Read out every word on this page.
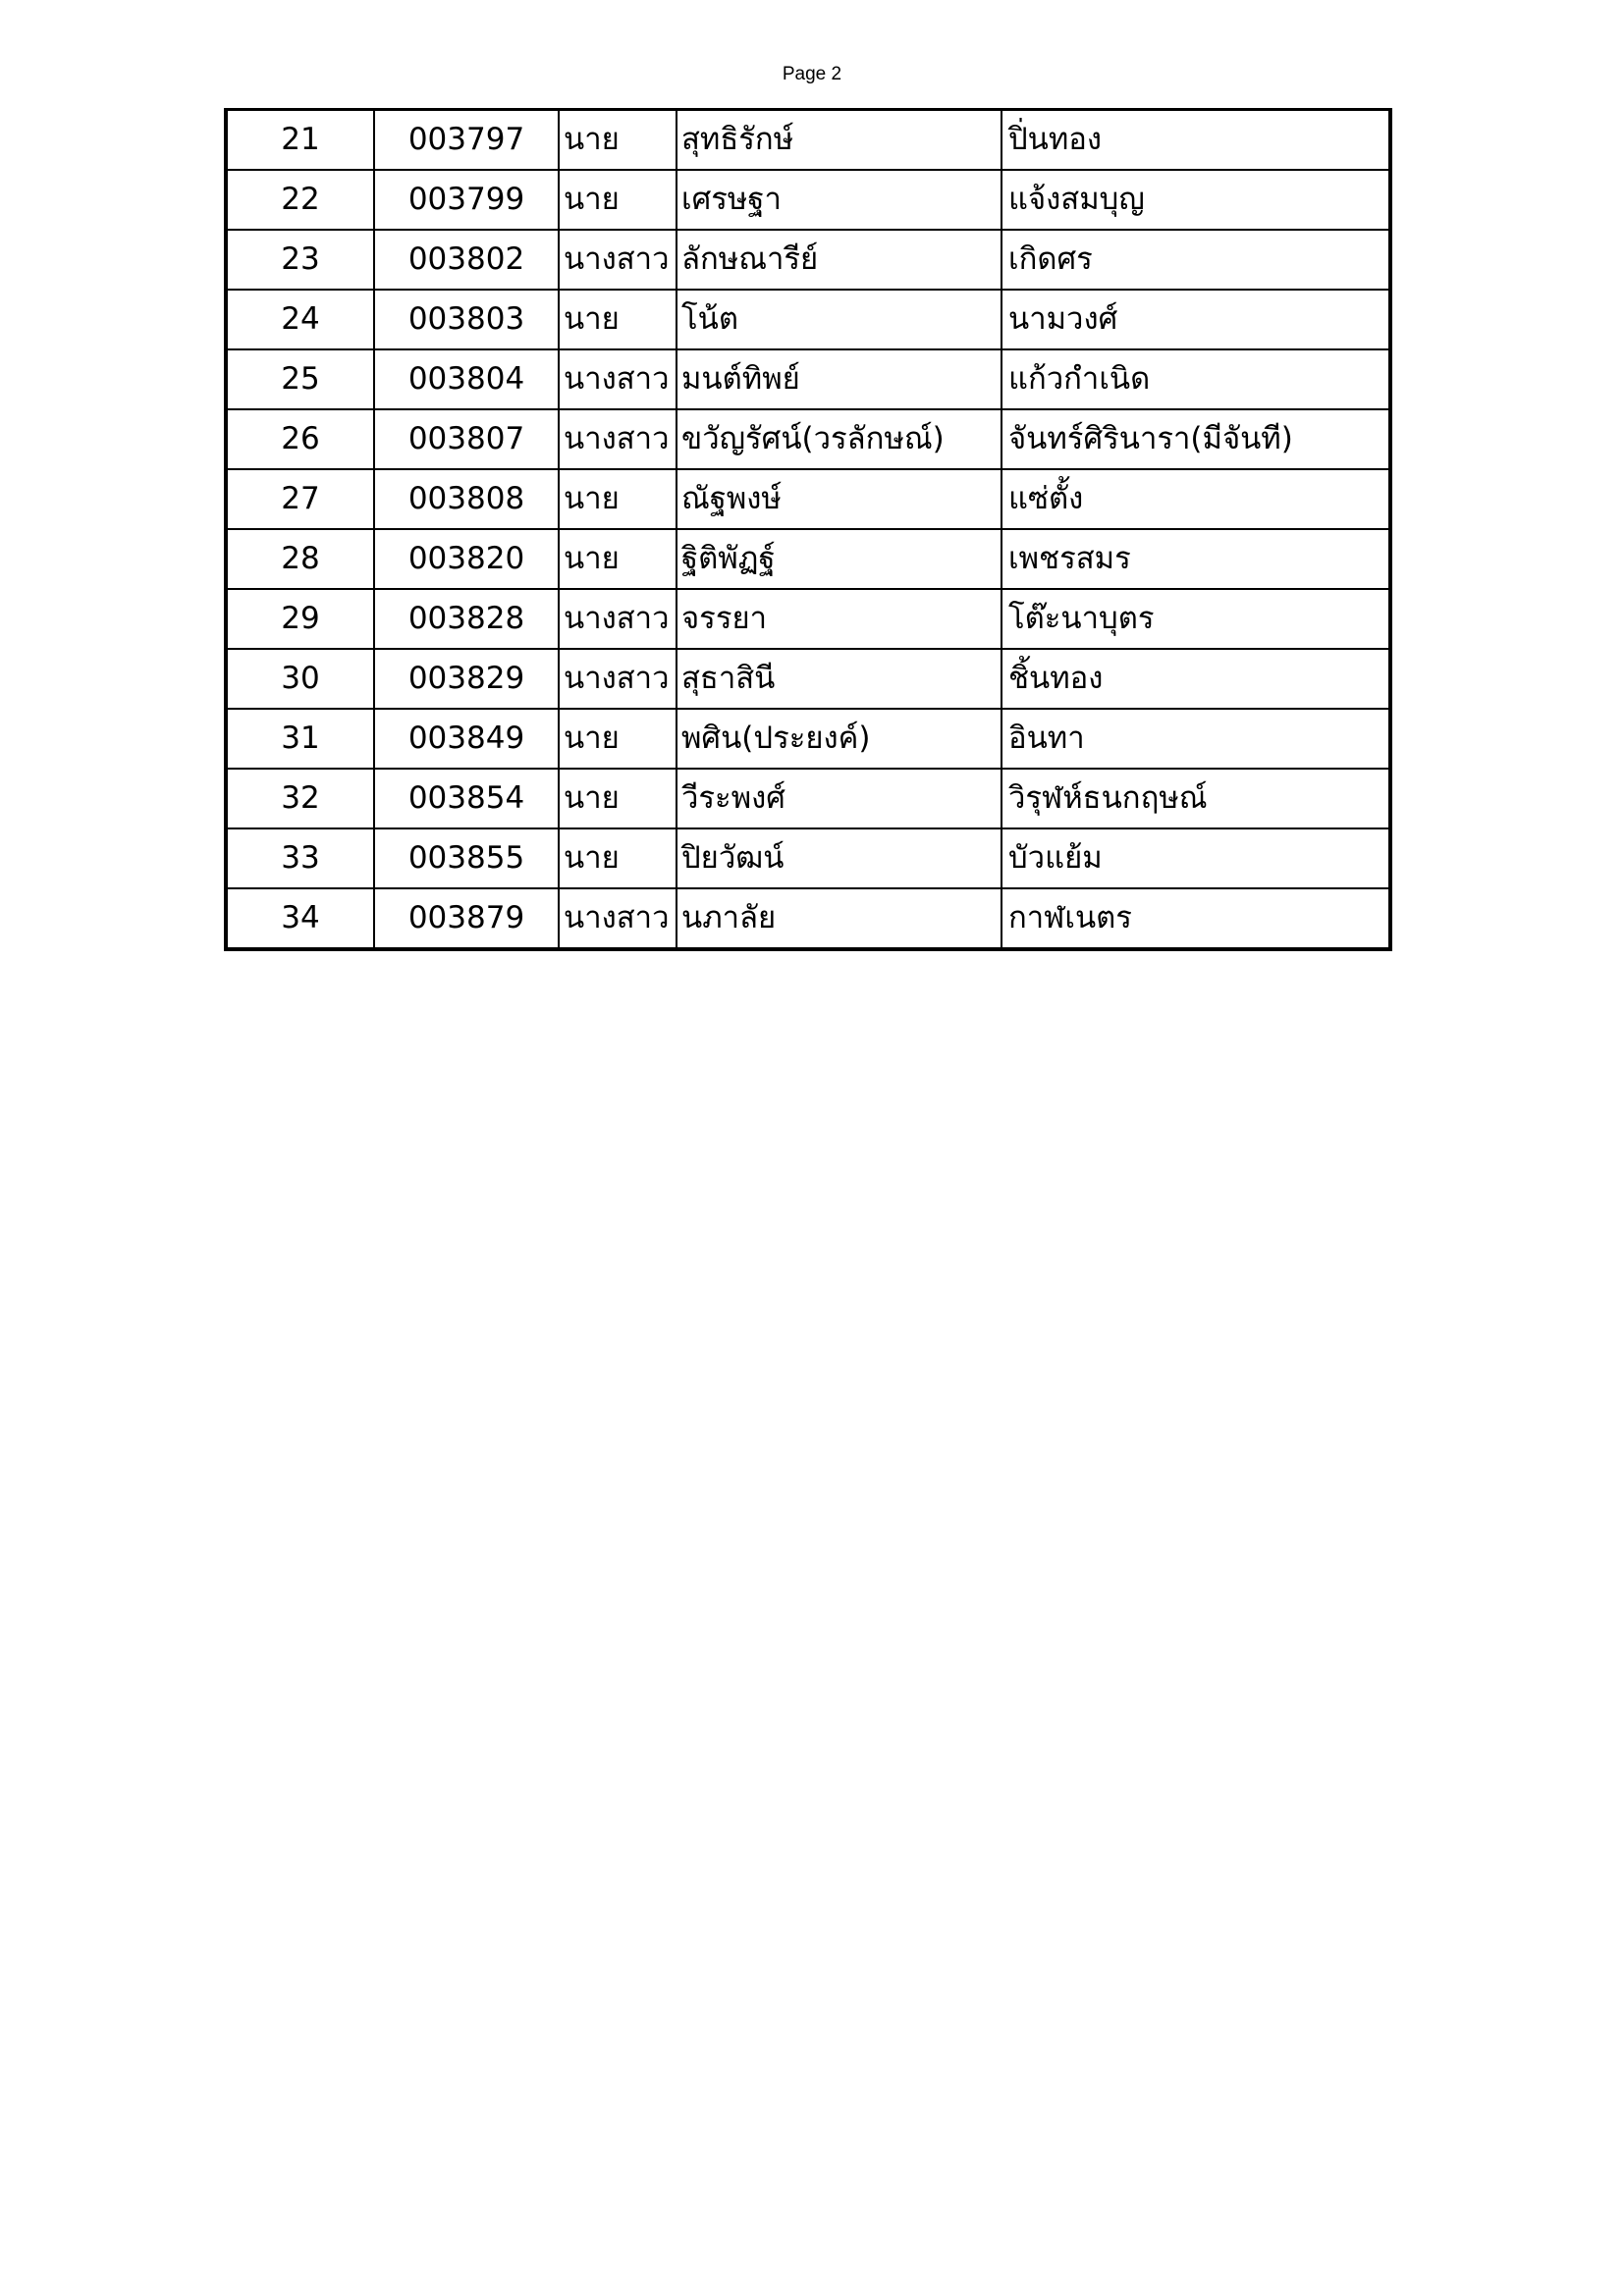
Page 2
21	003797	นาย	สุทธิรักษ์	ปิ่นทอง
22	003799	นาย	เศรษฐา	แจ้งสมบุญ
23	003802	นางสาว	ลักษณารีย์	เกิดศร
24	003803	นาย	โน้ต	นามวงศ์
25	003804	นางสาว	มนต์ทิพย์	แก้วกำเนิด
26	003807	นางสาว	ขวัญรัศน์(วรลักษณ์)	จันทร์ศิรินารา(มีจันที)
27	003808	นาย	ณัฐพงษ์	แซ่ตั้ง
28	003820	นาย	ฐิติพัฏฐ์	เพชรสมร
29	003828	นางสาว	จรรยา	โต๊ะนาบุตร
30	003829	นางสาว	สุธาสินี	ชิ้นทอง
31	003849	นาย	พศิน(ประยงค์)	อินทา
32	003854	นาย	วีระพงศ์	วิรุฬห์ธนกฤษณ์
33	003855	นาย	ปิยวัฒน์	บัวแย้ม
34	003879	นางสาว	นภาลัย	กาฬเนตร
